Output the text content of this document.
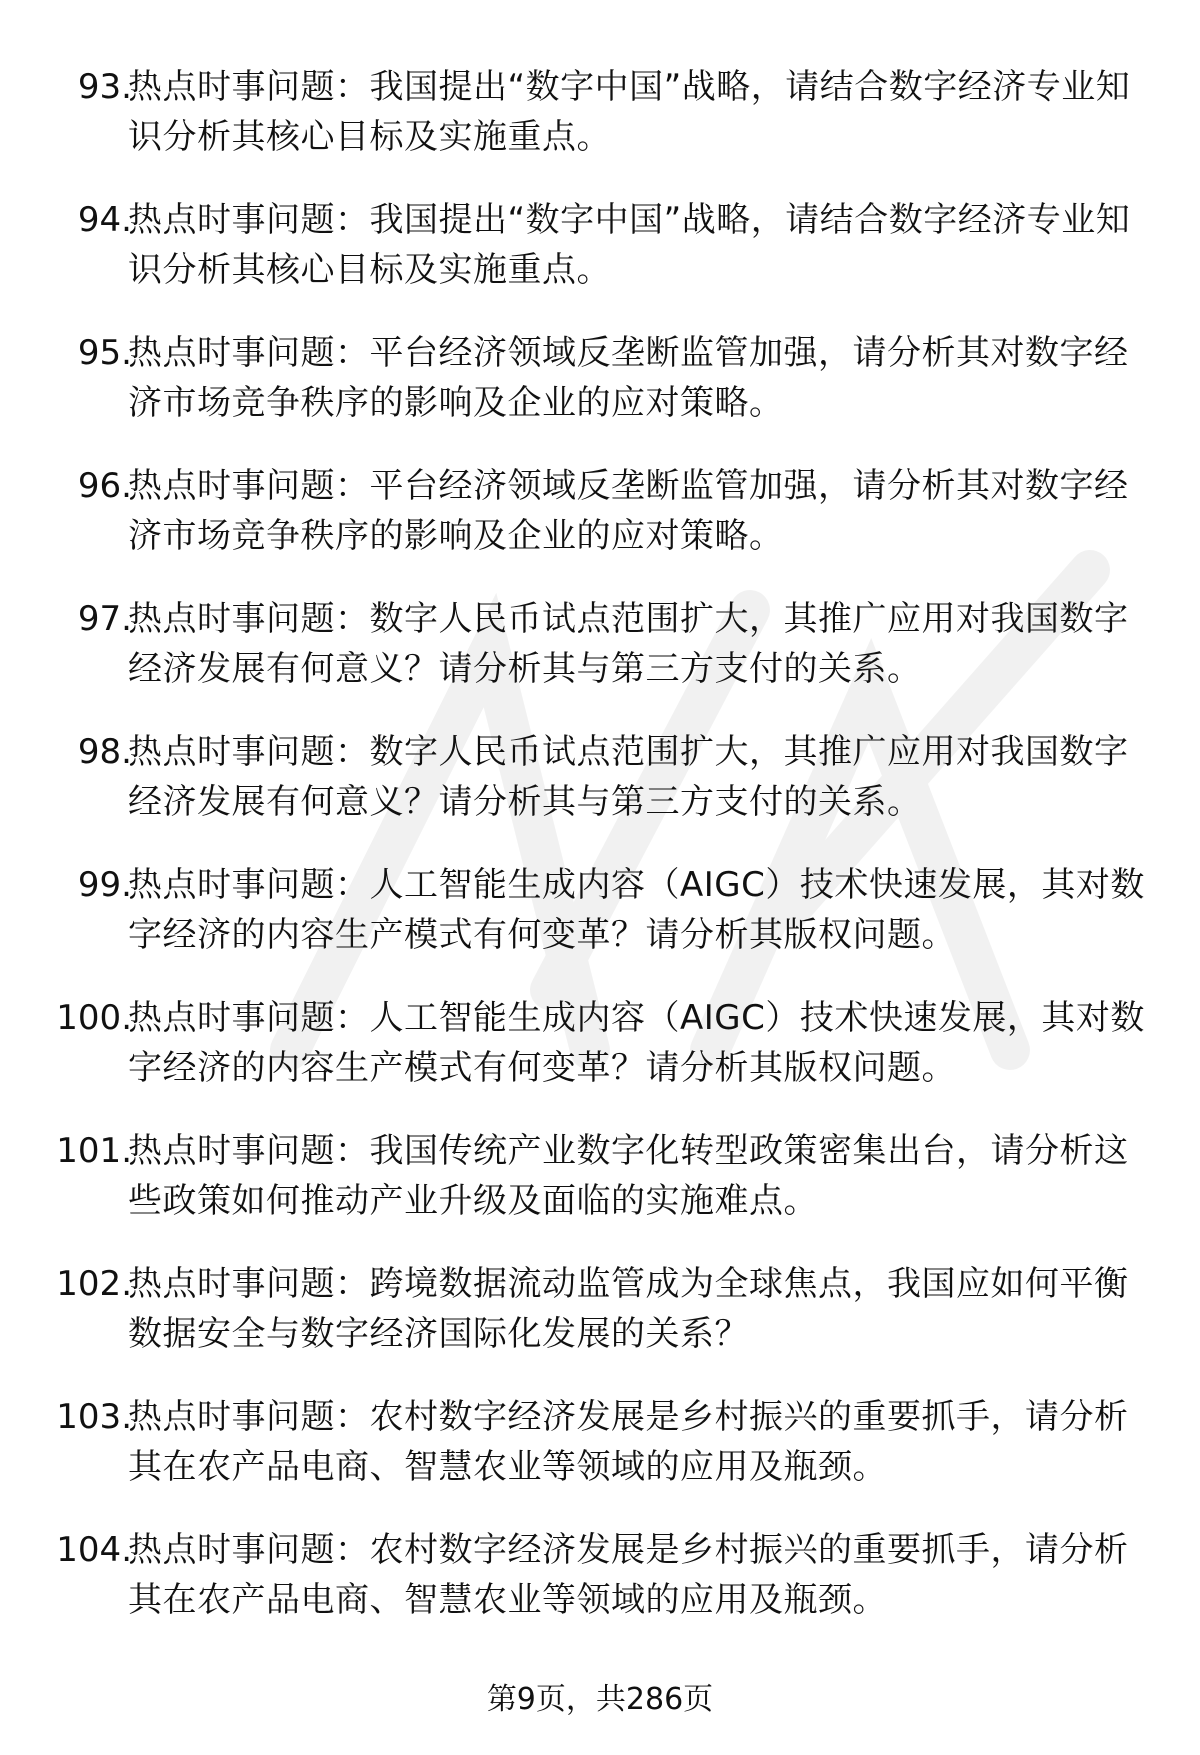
93.
热点时事问题：我国提出“数字中国”战略，请结合数字经济专业知识分析其核心目标及实施重点。
94.
热点时事问题：我国提出“数字中国”战略，请结合数字经济专业知识分析其核心目标及实施重点。
95.
热点时事问题：平台经济领域反垄断监管加强，请分析其对数字经济市场竞争秩序的影响及企业的应对策略。
96.
热点时事问题：平台经济领域反垄断监管加强，请分析其对数字经济市场竞争秩序的影响及企业的应对策略。
97.
热点时事问题：数字人民币试点范围扩大，其推广应用对我国数字经济发展有何意义？请分析其与第三方支付的关系。
98.
热点时事问题：数字人民币试点范围扩大，其推广应用对我国数字经济发展有何意义？请分析其与第三方支付的关系。
99.
热点时事问题：人工智能生成内容（AIGC）技术快速发展，其对数字经济的内容生产模式有何变革？请分析其版权问题。
100.
热点时事问题：人工智能生成内容（AIGC）技术快速发展，其对数字经济的内容生产模式有何变革？请分析其版权问题。
101.
热点时事问题：我国传统产业数字化转型政策密集出台，请分析这些政策如何推动产业升级及面临的实施难点。
102.
热点时事问题：跨境数据流动监管成为全球焦点，我国应如何平衡数据安全与数字经济国际化发展的关系？
103.
热点时事问题：农村数字经济发展是乡村振兴的重要抓手，请分析其在农产品电商、智慧农业等领域的应用及瓶颈。
104.
热点时事问题：农村数字经济发展是乡村振兴的重要抓手，请分析其在农产品电商、智慧农业等领域的应用及瓶颈。
第9页，共286页
